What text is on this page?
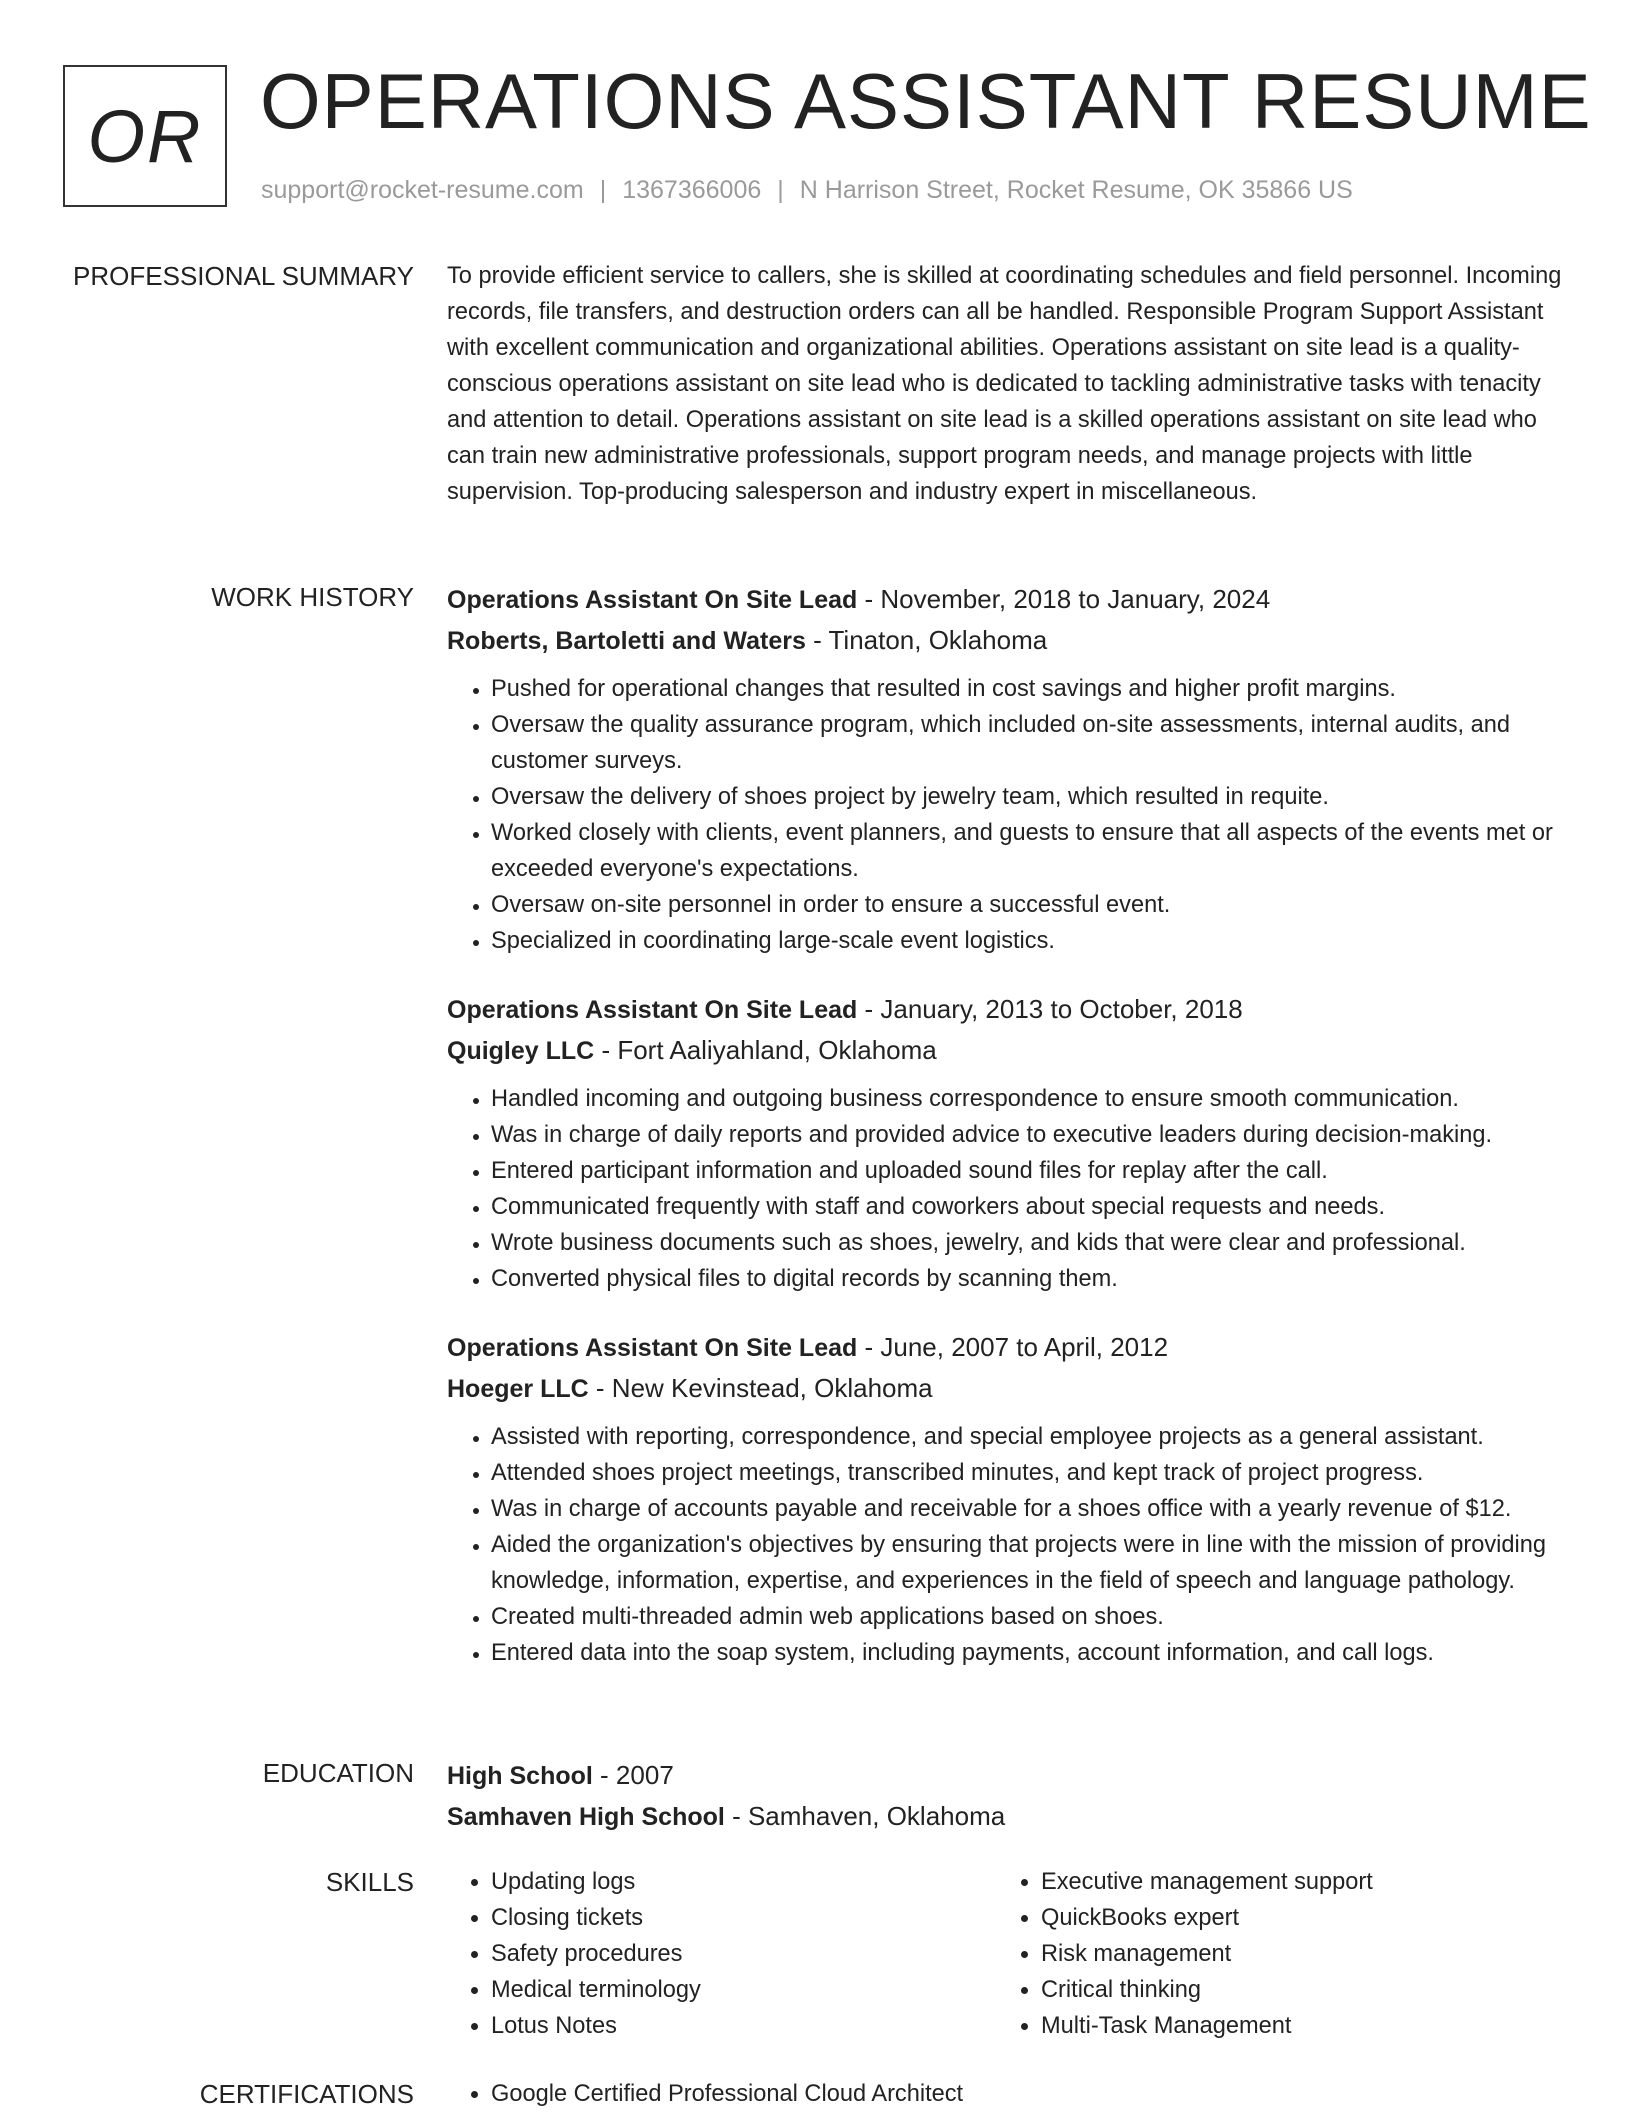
OR OPERATIONS ASSISTANT RESUME
support@rocket-resume.com | 1367366006 | N Harrison Street, Rocket Resume, OK 35866 US
PROFESSIONAL SUMMARY To provide efficient service to callers, she is skilled at coordinating schedules and field personnel. Incoming records, file transfers, and destruction orders can all be handled. Responsible Program Support Assistant with excellent communication and organizational abilities. Operations assistant on site lead is a quality-conscious operations assistant on site lead who is dedicated to tackling administrative tasks with tenacity and attention to detail. Operations assistant on site lead is a skilled operations assistant on site lead who can train new administrative professionals, support program needs, and manage projects with little supervision. Top-producing salesperson and industry expert in miscellaneous.
WORK HISTORY Operations Assistant On Site Lead - November, 2018 to January, 2024
Roberts, Bartoletti and Waters - Tinaton, Oklahoma
• Pushed for operational changes that resulted in cost savings and higher profit margins.
• Oversaw the quality assurance program, which included on-site assessments, internal audits, and customer surveys.
• Oversaw the delivery of shoes project by jewelry team, which resulted in requite.
• Worked closely with clients, event planners, and guests to ensure that all aspects of the events met or exceeded everyone's expectations.
• Oversaw on-site personnel in order to ensure a successful event.
• Specialized in coordinating large-scale event logistics.
Operations Assistant On Site Lead - January, 2013 to October, 2018
Quigley LLC - Fort Aaliyahland, Oklahoma
• Handled incoming and outgoing business correspondence to ensure smooth communication.
• Was in charge of daily reports and provided advice to executive leaders during decision-making.
• Entered participant information and uploaded sound files for replay after the call.
• Communicated frequently with staff and coworkers about special requests and needs.
• Wrote business documents such as shoes, jewelry, and kids that were clear and professional.
• Converted physical files to digital records by scanning them.
Operations Assistant On Site Lead - June, 2007 to April, 2012
Hoeger LLC - New Kevinstead, Oklahoma
• Assisted with reporting, correspondence, and special employee projects as a general assistant.
• Attended shoes project meetings, transcribed minutes, and kept track of project progress.
• Was in charge of accounts payable and receivable for a shoes office with a yearly revenue of $12.
• Aided the organization's objectives by ensuring that projects were in line with the mission of providing knowledge, information, expertise, and experiences in the field of speech and language pathology.
• Created multi-threaded admin web applications based on shoes.
• Entered data into the soap system, including payments, account information, and call logs.
EDUCATION High School - 2007
Samhaven High School - Samhaven, Oklahoma
SKILLS	• Updating logs
• Closing tickets
• Safety procedures
• Medical terminology
• Lotus Notes
• Executive management support
• QuickBooks expert
• Risk management
• Critical thinking
• Multi-Task Management
CERTIFICATIONS	• Google Certified Professional Cloud Architect
